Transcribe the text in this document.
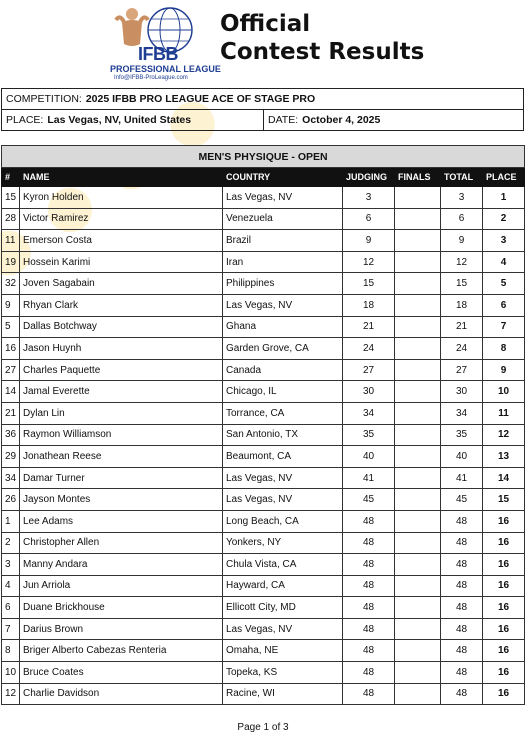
● ● ●
IFBB
PROFESSIONAL LEAGUE
Info@IFBB-ProLeague.com
Official
Contest Results
COMPETITION: 2025 IFBB PRO LEAGUE ACE OF STAGE PRO
PLACE: Las Vegas, NV, United States	DATE: October 4, 2025
MEN'S PHYSIQUE - OPEN						
#	NAME	COUNTRY	JUDGING	FINALS	TOTAL	PLACE
15	Kyron Holden	Las Vegas, NV	3		3	1
28	Victor Ramirez	Venezuela	6		6	2
11	Emerson Costa	Brazil	9		9	3
19	Hossein Karimi	Iran	12		12	4
32	Joven Sagabain	Philippines	15		15	5
9	Rhyan Clark	Las Vegas, NV	18		18	6
5	Dallas Botchway	Ghana	21		21	7
16	Jason Huynh	Garden Grove, CA	24		24	8
27	Charles Paquette	Canada	27		27	9
14	Jamal Everette	Chicago, IL	30		30	10
21	Dylan Lin	Torrance, CA	34		34	11
36	Raymon Williamson	San Antonio, TX	35		35	12
29	Jonathean Reese	Beaumont, CA	40		40	13
34	Damar Turner	Las Vegas, NV	41		41	14
26	Jayson Montes	Las Vegas, NV	45		45	15
1	Lee Adams	Long Beach, CA	48		48	16
2	Christopher Allen	Yonkers, NY	48		48	16
3	Manny Andara	Chula Vista, CA	48		48	16
4	Jun Arriola	Hayward, CA	48		48	16
6	Duane Brickhouse	Ellicott City, MD	48		48	16
7	Darius Brown	Las Vegas, NV	48		48	16
8	Briger Alberto Cabezas Renteria	Omaha, NE	48		48	16
10	Bruce Coates	Topeka, KS	48		48	16
12	Charlie Davidson	Racine, WI	48		48	16
Page 1 of 3
